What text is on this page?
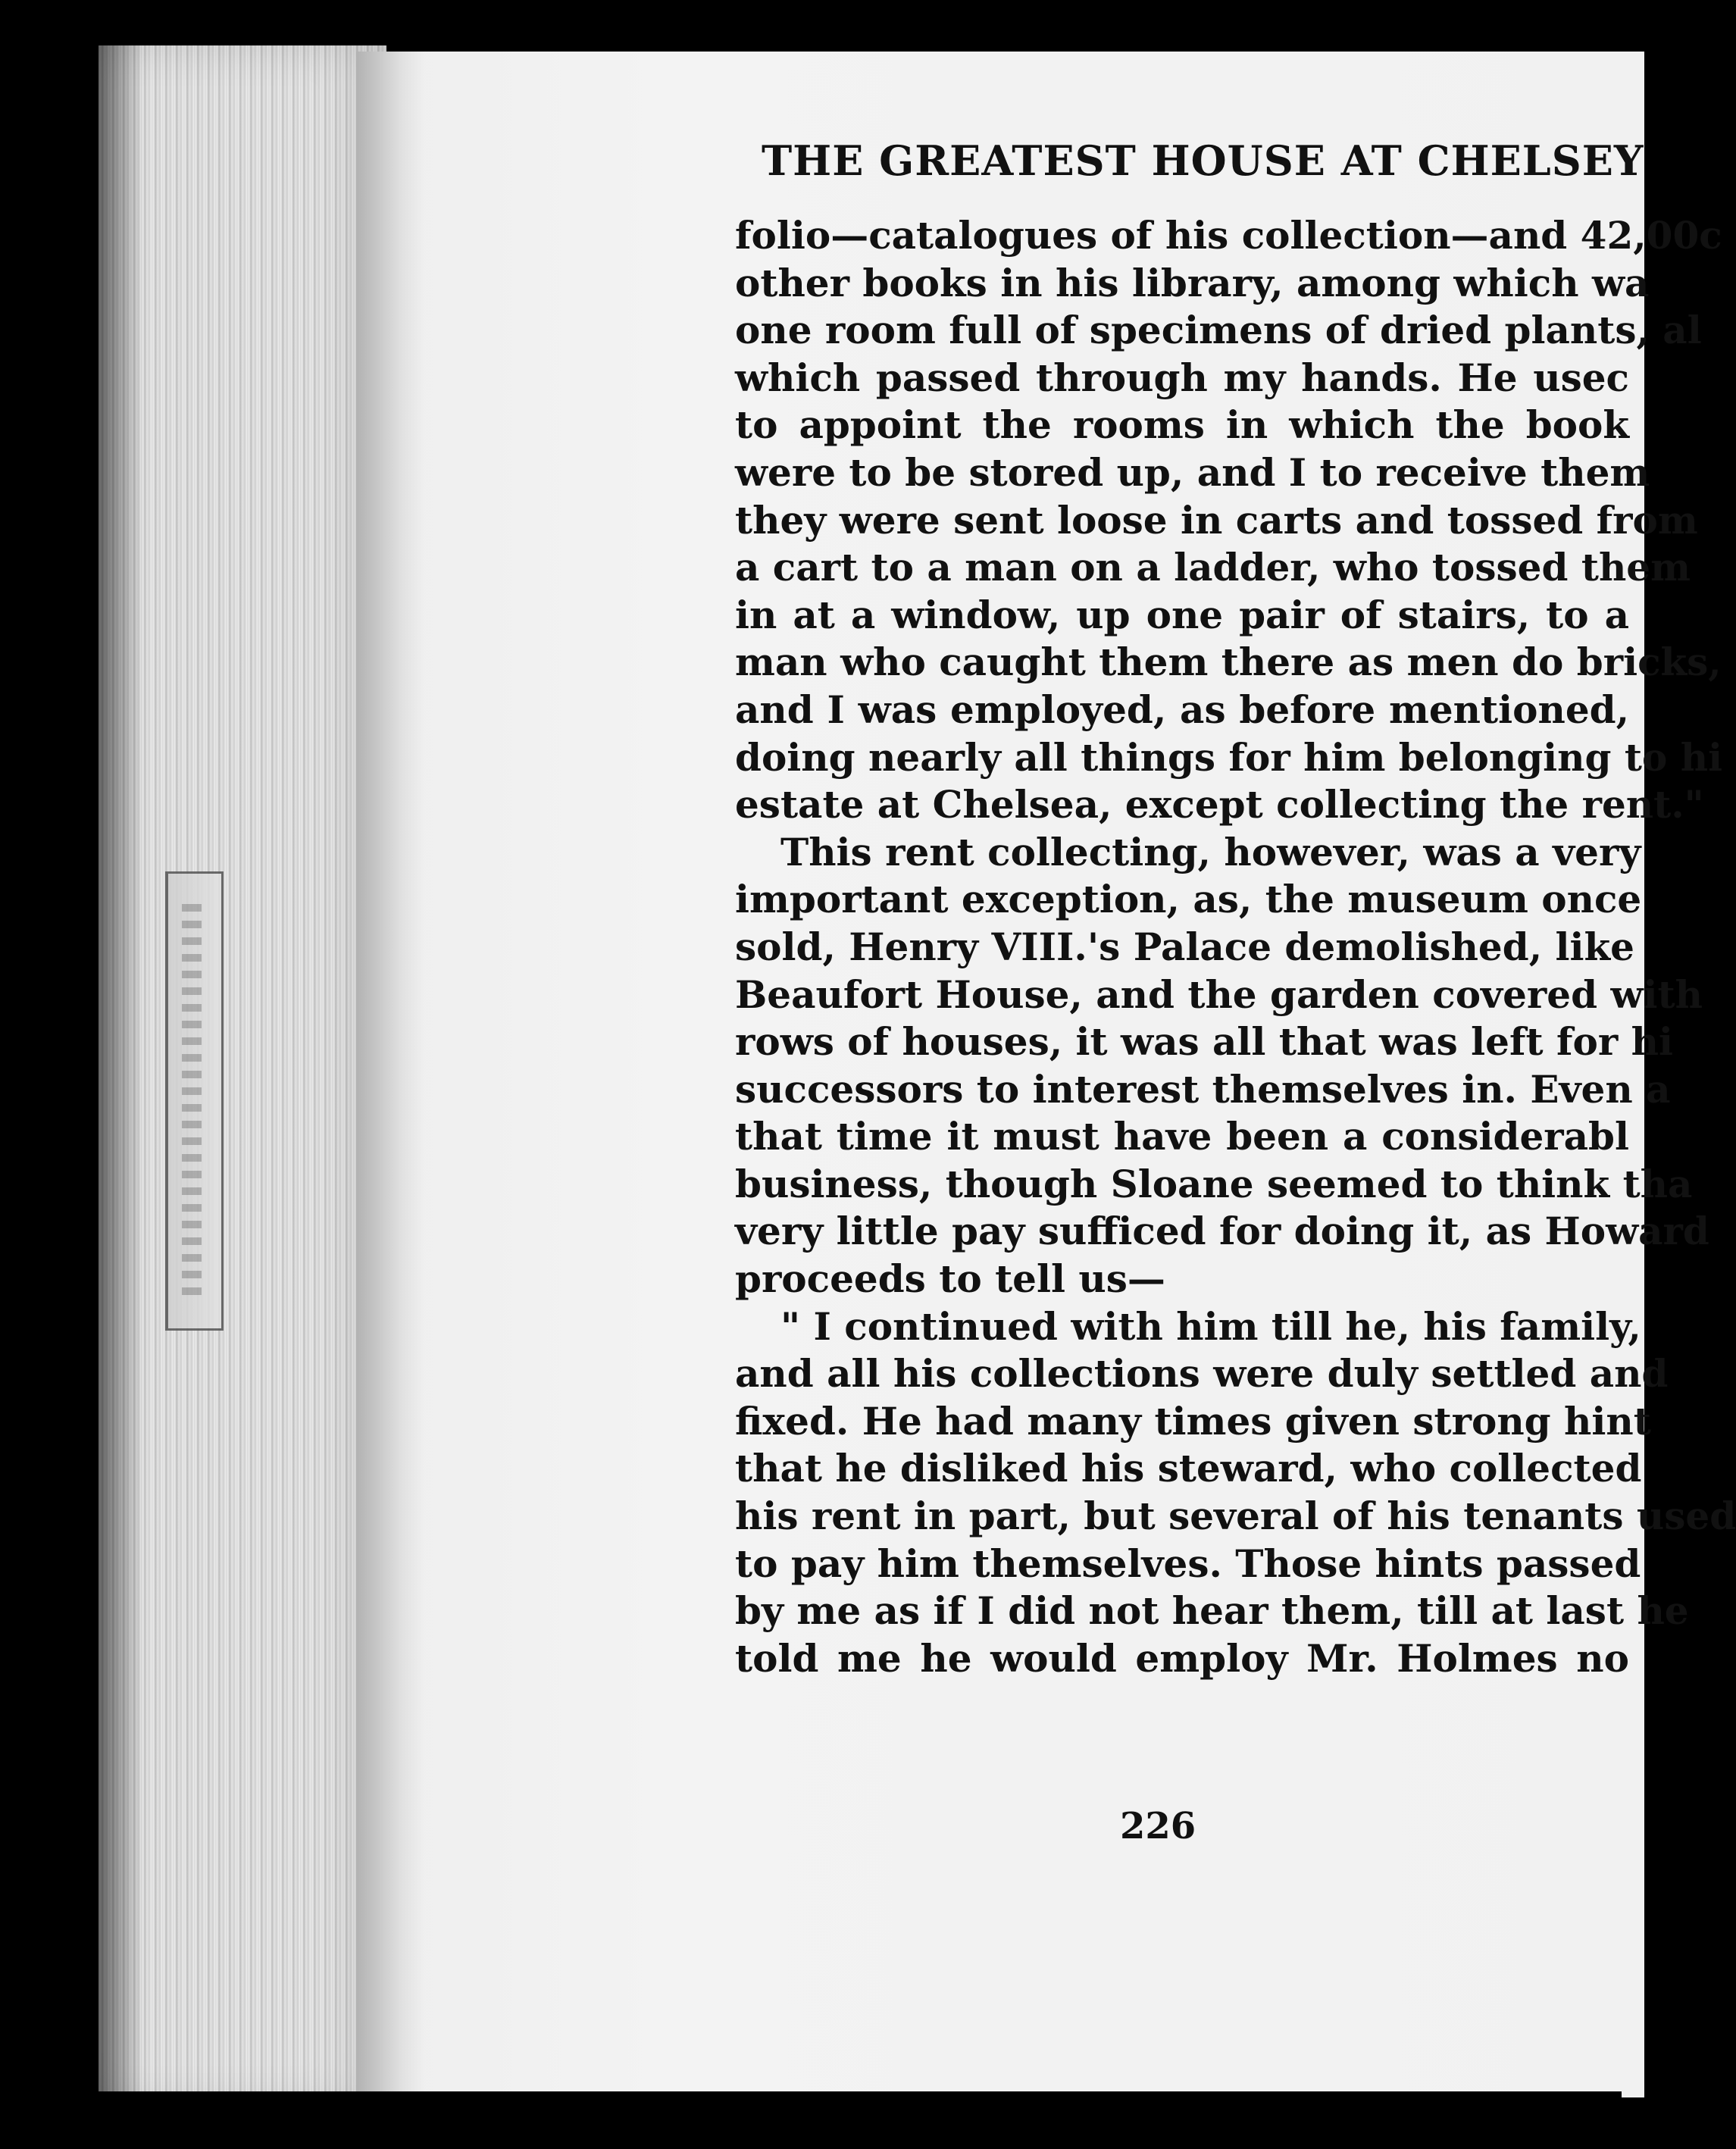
THE GREATEST HOUSE AT CHELSEY
folio—catalogues of his collection—and 42,00c
other books in his library, among which wa
one room full of specimens of dried plants, al
which passed through my hands. He usec
to appoint the rooms in which the book
were to be stored up, and I to receive them
they were sent loose in carts and tossed from
a cart to a man on a ladder, who tossed them
in at a window, up one pair of stairs, to a
man who caught them there as men do bricks,
and I was employed, as before mentioned,
doing nearly all things for him belonging to hi
estate at Chelsea, except collecting the rent."
This rent collecting, however, was a very
important exception, as, the museum once
sold, Henry VIII.'s Palace demolished, like
Beaufort House, and the garden covered with
rows of houses, it was all that was left for hi
successors to interest themselves in. Even a
that time it must have been a considerabl
business, though Sloane seemed to think tha
very little pay sufficed for doing it, as Howard
proceeds to tell us—
" I continued with him till he, his family,
and all his collections were duly settled and
fixed. He had many times given strong hint
that he disliked his steward, who collected
his rent in part, but several of his tenants used
to pay him themselves. Those hints passed
by me as if I did not hear them, till at last he
told me he would employ Mr. Holmes no
226
